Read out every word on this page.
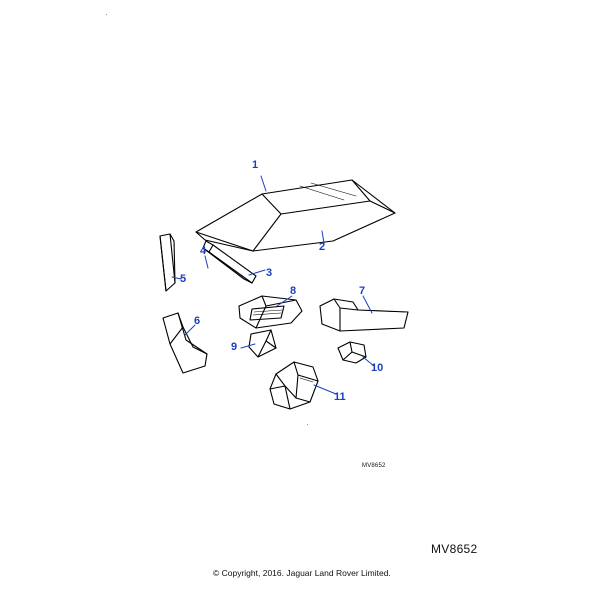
1
2
3
4
5
6
7
8
9
10
11
MV8652
MV8652
© Copyright, 2016. Jaguar Land Rover Limited.
